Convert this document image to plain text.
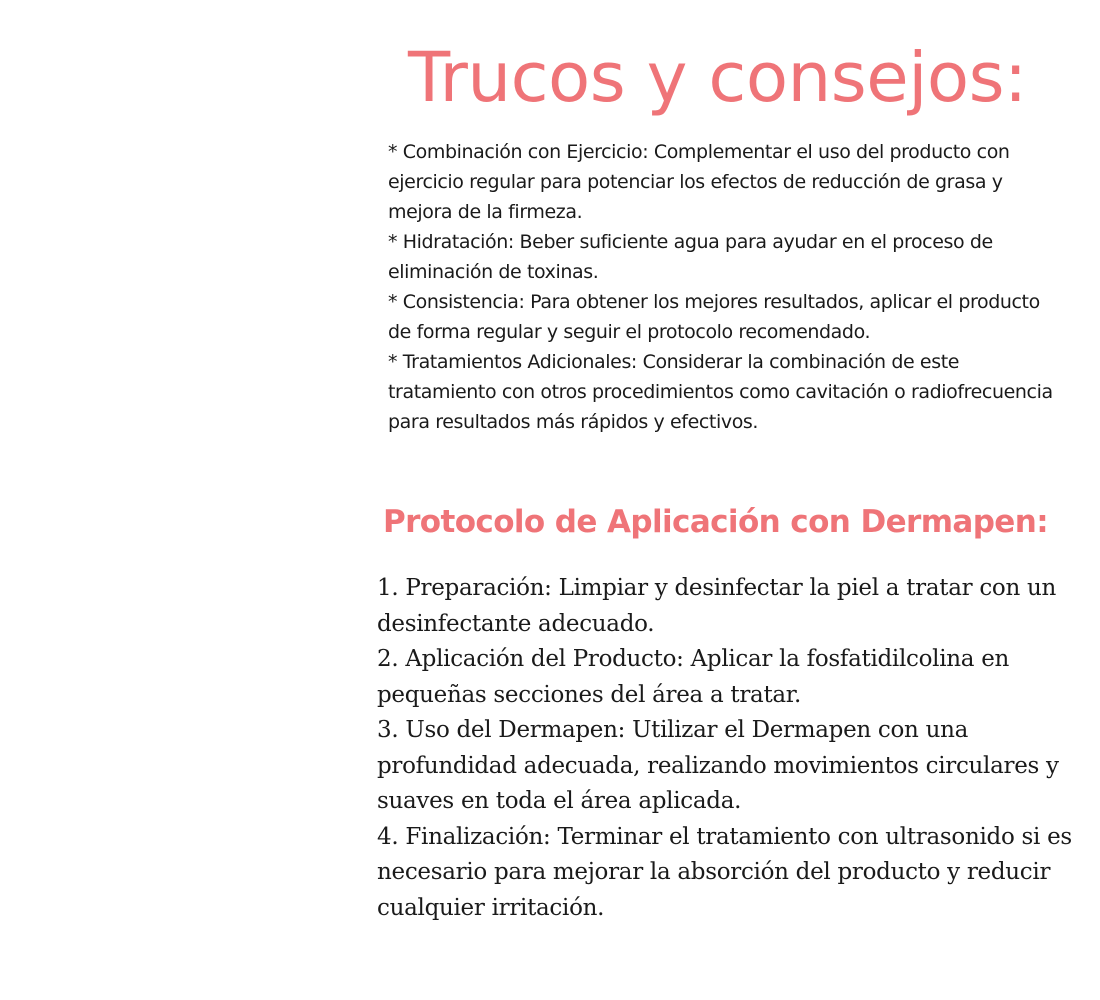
Trucos y consejos:

* Combinación con Ejercicio: Complementar el uso del producto con ejercicio regular para potenciar los efectos de reducción de grasa y mejora de la firmeza.

* Hidratación: Beber suficiente agua para ayudar en el proceso de eliminación de toxinas.

* Consistencia: Para obtener los mejores resultados, aplicar el producto de forma regular y seguir el protocolo recomendado.

* Tratamientos Adicionales: Considerar la combinación de este tratamiento con otros procedimientos como cavitación o radiofrecuencia para resultados más rápidos y efectivos.

Protocolo de Aplicación con Dermapen:

1. Preparación: Limpiar y desinfectar la piel a tratar con un desinfectante adecuado.

2. Aplicación del Producto: Aplicar la fosfatidilcolina en pequeñas secciones del área a tratar.

3. Uso del Dermapen: Utilizar el Dermapen con una profundidad adecuada, realizando movimientos circulares y suaves en toda el área aplicada.

4. Finalización: Terminar el tratamiento con ultrasonido si es necesario para mejorar la absorción del producto y reducir cualquier irritación.
